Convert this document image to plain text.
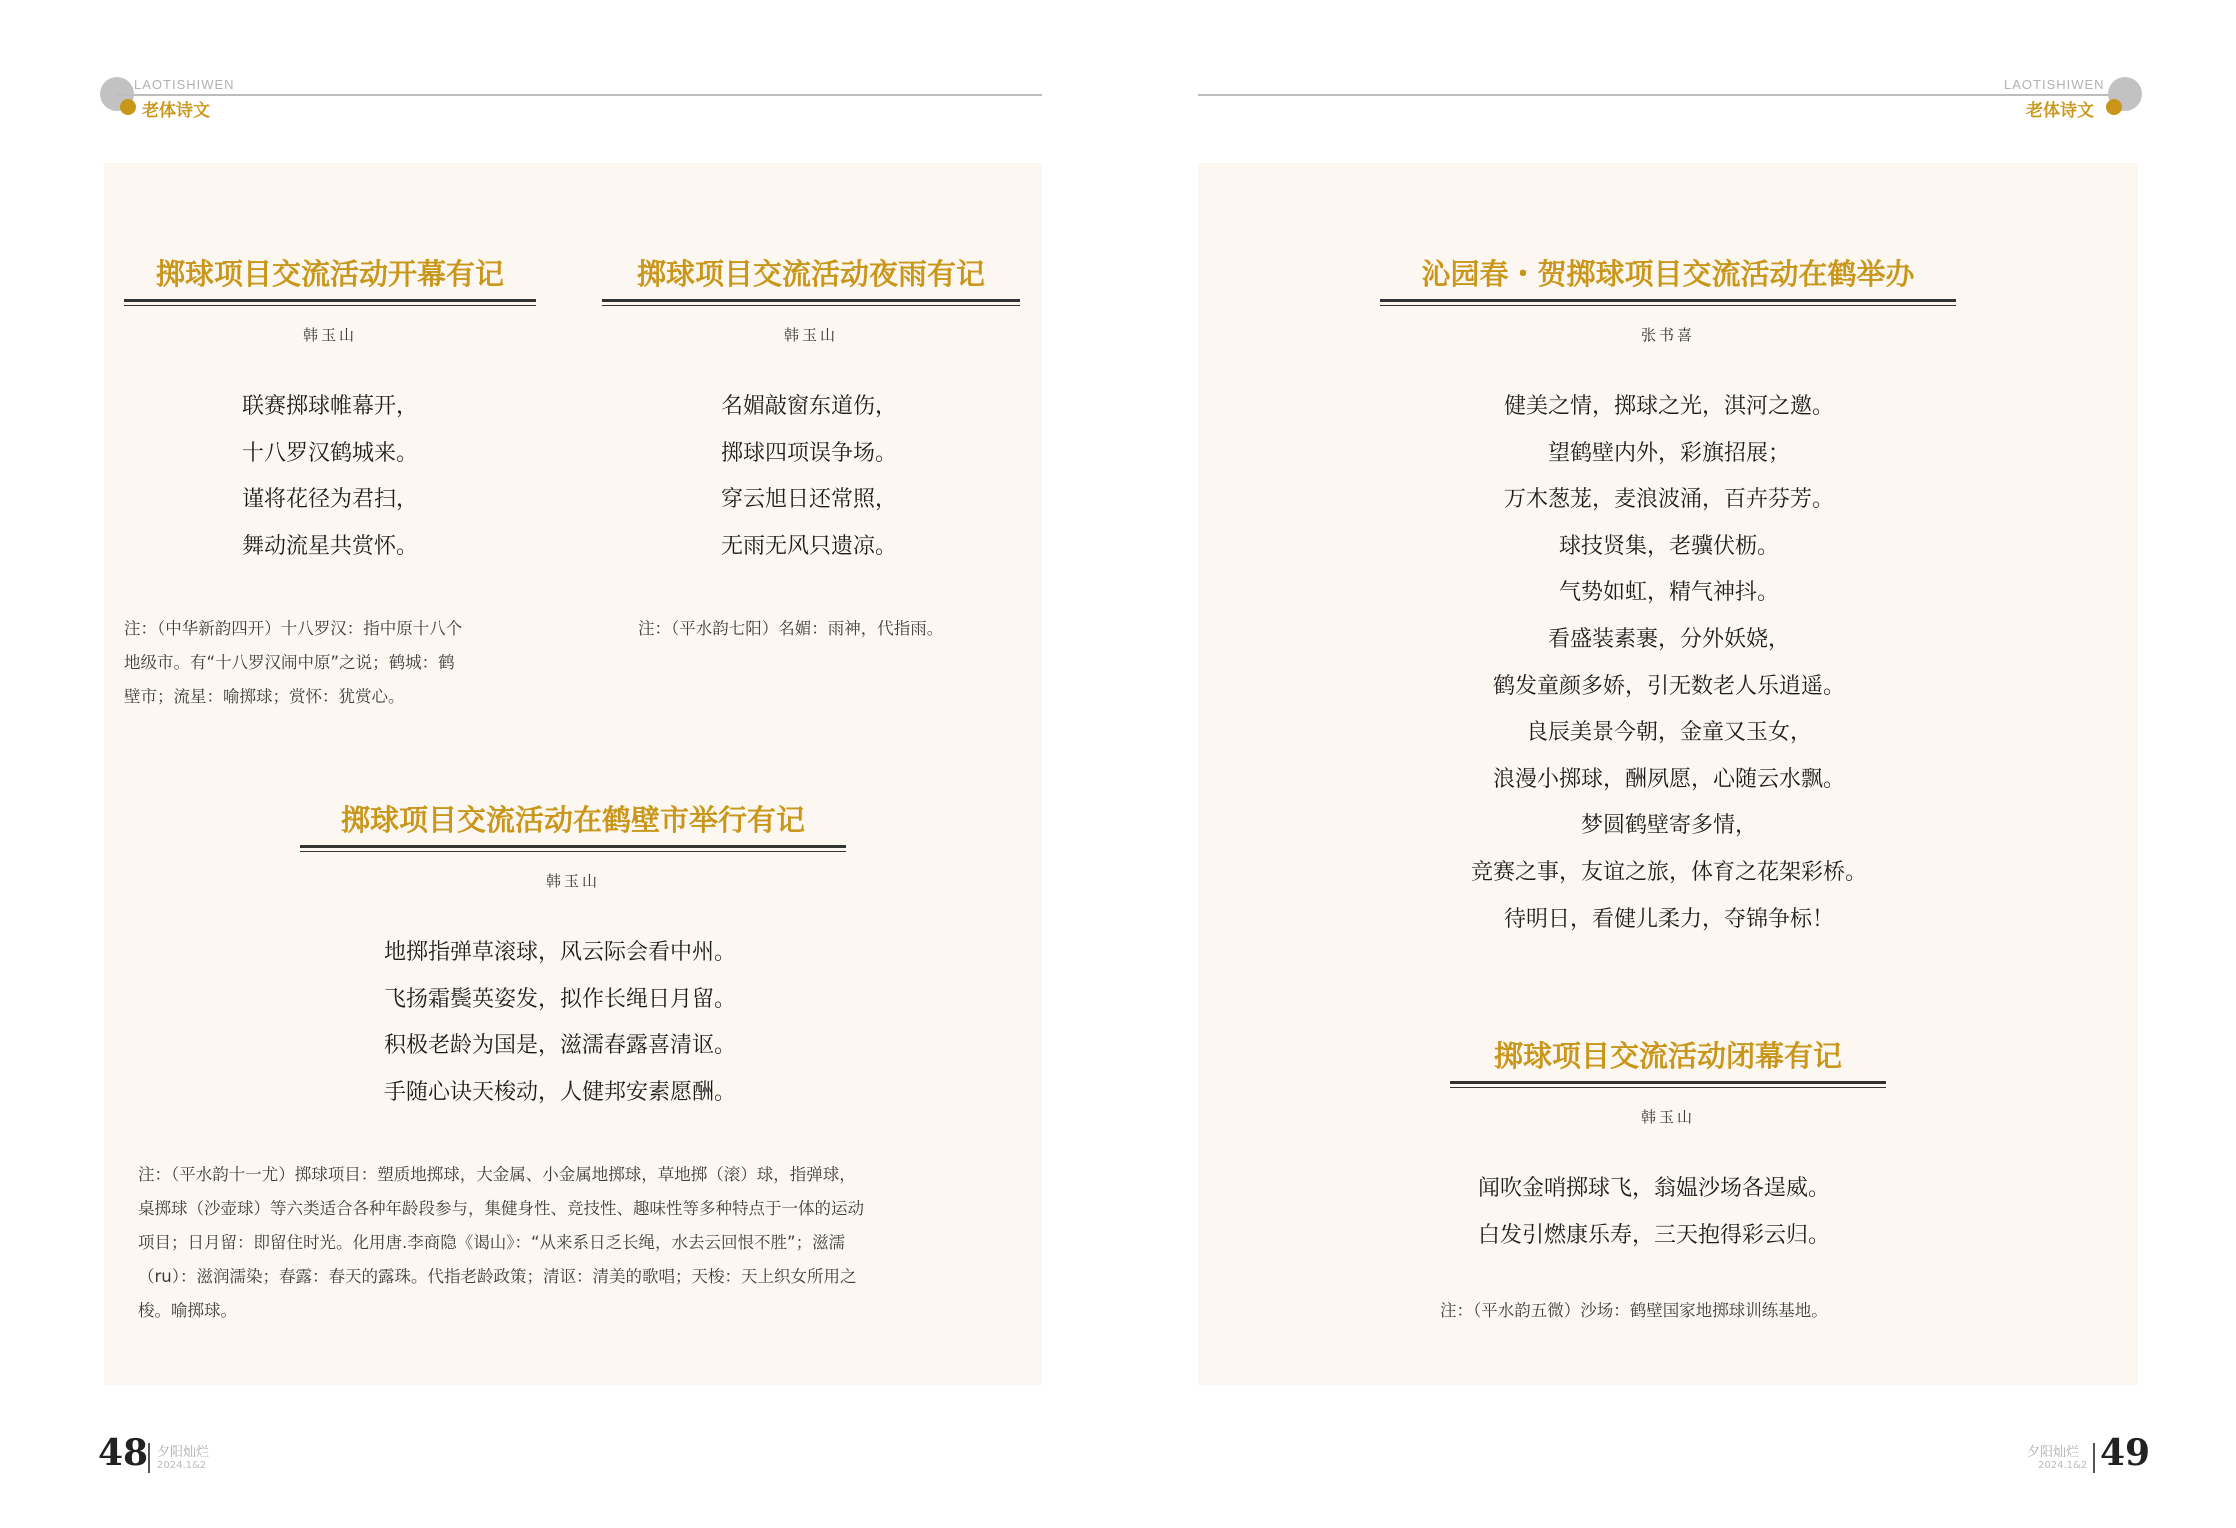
LAOTISHIWEN
老体诗文
掷球项目交流活动开幕有记
韩玉山
联赛掷球帷幕开，
十八罗汉鹤城来。
谨将花径为君扫，
舞动流星共赏怀。
注：（中华新韵四开）十八罗汉：指中原十八个
地级市。有“十八罗汉闹中原”之说；鹤城：鹤
壁市；流星：喻掷球；赏怀：犹赏心。
掷球项目交流活动夜雨有记
韩玉山
名媚敲窗东道伤，
掷球四项误争场。
穿云旭日还常照，
无雨无风只遗凉。
注：（平水韵七阳）名媚：雨神，代指雨。
掷球项目交流活动在鹤壁市举行有记
韩玉山
地掷指弹草滚球，风云际会看中州。
飞扬霜鬓英姿发，拟作长绳日月留。
积极老龄为国是，滋濡春露喜清讴。
手随心诀天梭动，人健邦安素愿酬。
注：（平水韵十一尤）掷球项目：塑质地掷球，大金属、小金属地掷球，草地掷（滚）球，指弹球，
桌掷球（沙壶球）等六类适合各种年龄段参与，集健身性、竞技性、趣味性等多种特点于一体的运动
项目；日月留：即留住时光。化用唐.李商隐《谒山》：“从来系日乏长绳，水去云回恨不胜”；滋濡
（ru）：滋润濡染；春露：春天的露珠。代指老龄政策；清讴：清美的歌唱；天梭：天上织女所用之
梭。喻掷球。
48 夕阳灿烂
2024.1&2
LAOTISHIWEN
老体诗文
沁园春・贺掷球项目交流活动在鹤举办
张书喜
健美之情，掷球之光，淇河之邀。
望鹤壁内外，彩旗招展；
万木葱茏，麦浪波涌，百卉芬芳。
球技贤集，老骥伏枥。
气势如虹，精气神抖。
看盛装素裹，分外妖娆，
鹤发童颜多娇，引无数老人乐逍遥。
良辰美景今朝，金童又玉女，
浪漫小掷球，酬夙愿，心随云水飘。
梦圆鹤壁寄多情，
竞赛之事，友谊之旅，体育之花架彩桥。
待明日，看健儿柔力，夺锦争标！
掷球项目交流活动闭幕有记
韩玉山
闻吹金哨掷球飞，翁媪沙场各逞威。
白发引燃康乐寿，三天抱得彩云归。
注：（平水韵五微）沙场：鹤壁国家地掷球训练基地。
夕阳灿烂
2024.1&2 49
